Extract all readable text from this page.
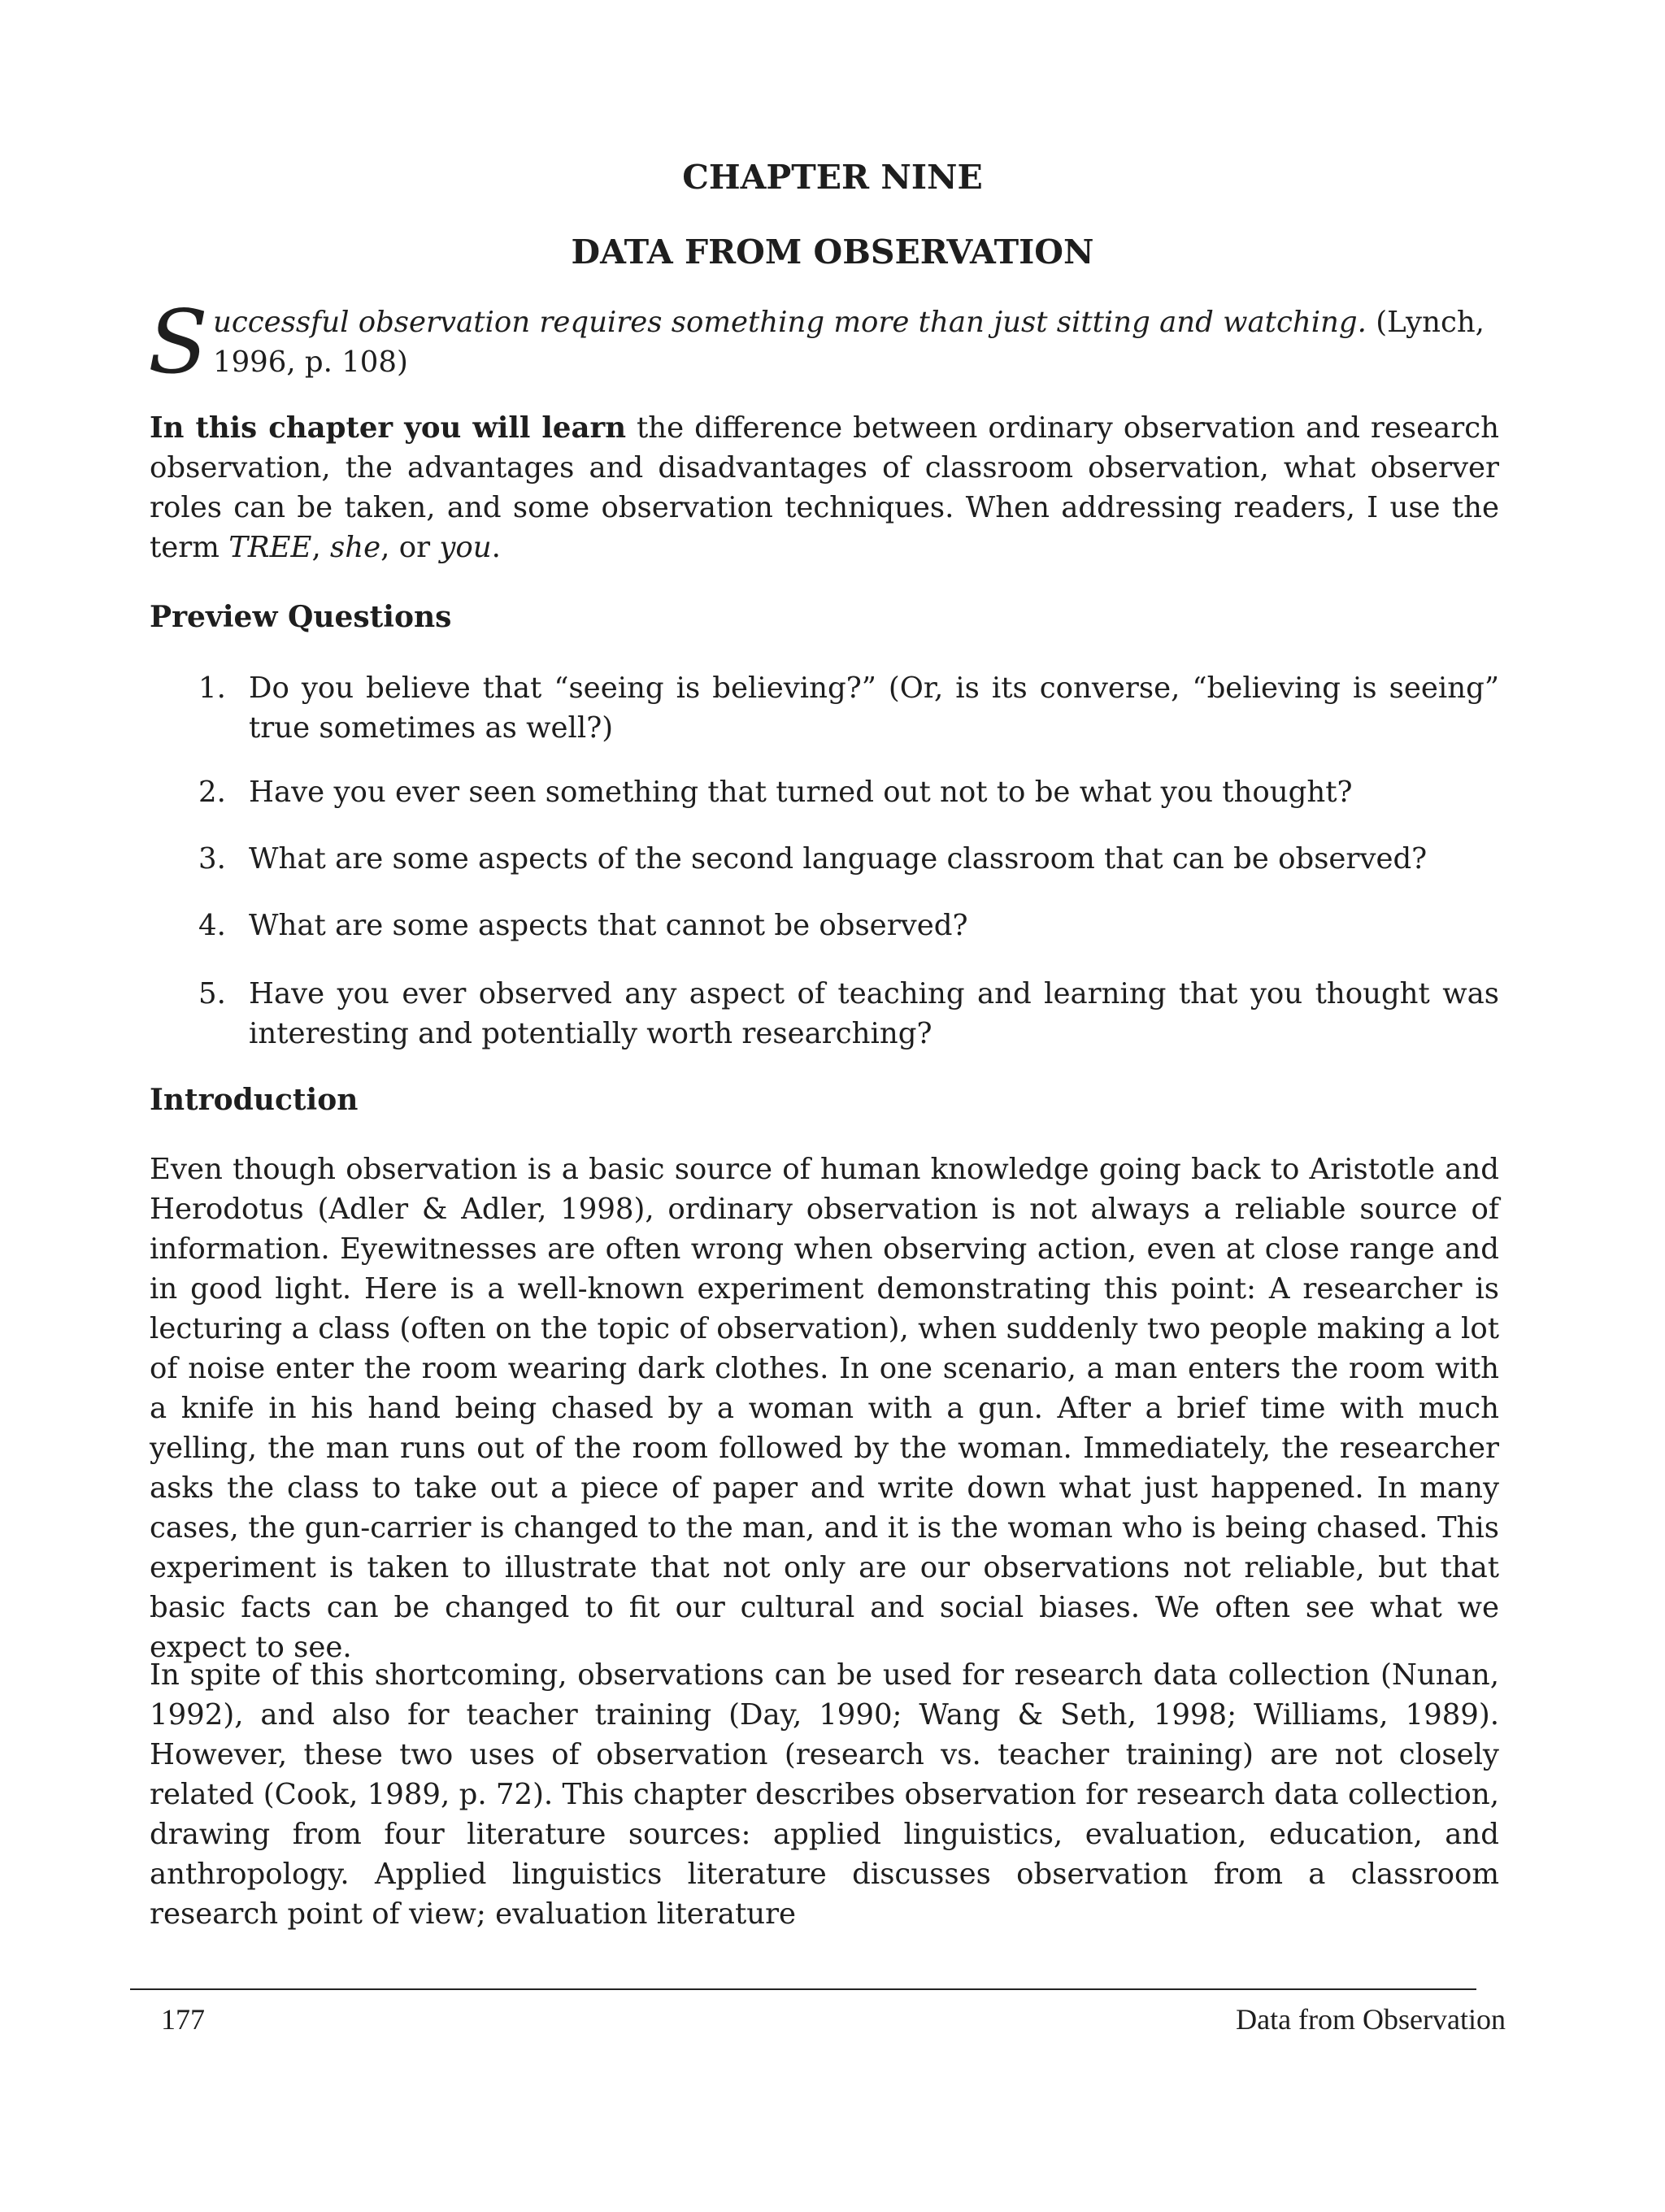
CHAPTER NINE
DATA FROM OBSERVATION

Successful observation requires something more than just sitting and watching. (Lynch, 1996, p. 108)

In this chapter you will learn the difference between ordinary observation and research observation, the advantages and disadvantages of classroom observation, what observer roles can be taken, and some observation techniques. When addressing readers, I use the term TREE, she, or you.

Preview Questions
1. Do you believe that “seeing is believing?” (Or, is its converse, “believing is seeing” true sometimes as well?)
2. Have you ever seen something that turned out not to be what you thought?
3. What are some aspects of the second language classroom that can be observed?
4. What are some aspects that cannot be observed?
5. Have you ever observed any aspect of teaching and learning that you thought was interesting and potentially worth researching?
Introduction

Even though observation is a basic source of human knowledge going back to Aristotle and Herodotus (Adler & Adler, 1998), ordinary observation is not always a reliable source of information. Eyewitnesses are often wrong when observing action, even at close range and in good light. Here is a well-known experiment demonstrating this point: A researcher is lecturing a class (often on the topic of observation), when suddenly two people making a lot of noise enter the room wearing dark clothes. In one scenario, a man enters the room with a knife in his hand being chased by a woman with a gun. After a brief time with much yelling, the man runs out of the room followed by the woman. Immediately, the researcher asks the class to take out a piece of paper and write down what just happened. In many cases, the gun-carrier is changed to the man, and it is the woman who is being chased. This experiment is taken to illustrate that not only are our observations not reliable, but that basic facts can be changed to fit our cultural and social biases. We often see what we expect to see.

In spite of this shortcoming, observations can be used for research data collection (Nunan, 1992), and also for teacher training (Day, 1990; Wang & Seth, 1998; Williams, 1989). However, these two uses of observation (research vs. teacher training) are not closely related (Cook, 1989, p. 72). This chapter describes observation for research data collection, drawing from four literature sources: applied linguistics, evaluation, education, and anthropology. Applied linguistics literature discusses observation from a classroom research point of view; evaluation literature

177	Data from Observation
